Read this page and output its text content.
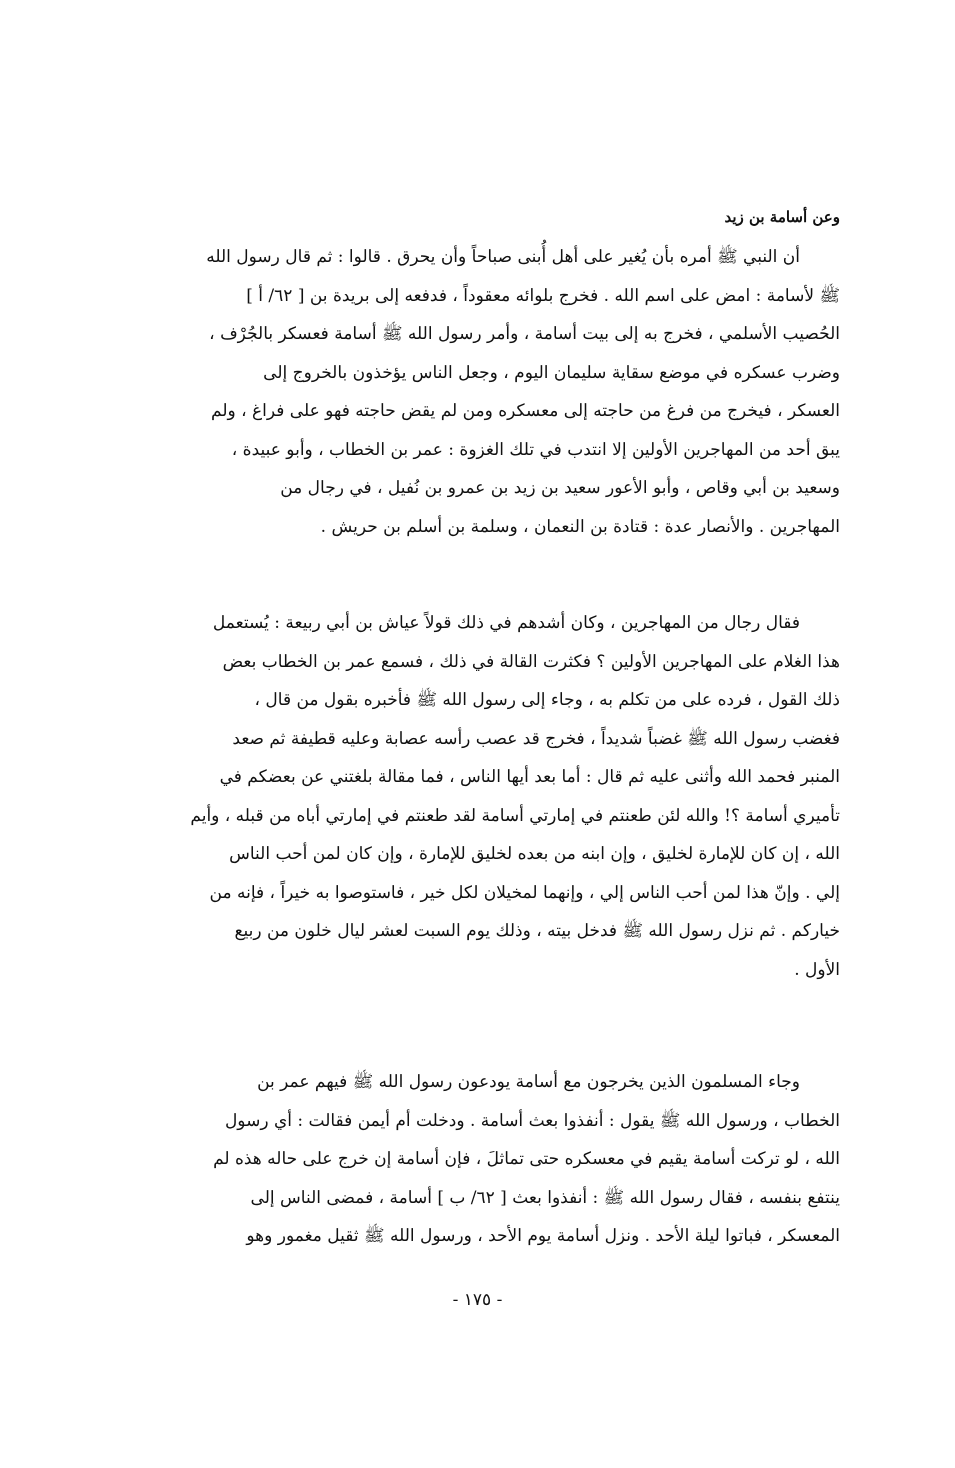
وعن أسامة بن زيد
أن النبي ﷺ أمره بأن يُغير على أهل أُبنى صباحاً وأن يحرق . قالوا : ثم قال رسول الله
ﷺ لأسامة : امض على اسم الله . فخرج بلوائه معقوداً ، فدفعه إلى بريدة بن [ ٦٢/ أ ]
الحُصيب الأسلمي ، فخرج به إلى بيت أسامة ، وأمر رسول الله ﷺ أسامة فعسكر بالجُرْف ،
وضرب عسكره في موضع سقاية سليمان اليوم ، وجعل الناس يؤخذون بالخروج إلى
العسكر ، فيخرج من فرغ من حاجته إلى معسكره ومن لم يقض حاجته فهو على فراغ ، ولم
يبق أحد من المهاجرين الأولين إلا انتدب في تلك الغزوة : عمر بن الخطاب ، وأبو عبيدة ،
وسعيد بن أبي وقاص ، وأبو الأعور سعيد بن زيد بن عمرو بن نُفيل ، في رجال من
المهاجرين . والأنصار عدة : قتادة بن النعمان ، وسلمة بن أسلم بن حريش .
فقال رجال من المهاجرين ، وكان أشدهم في ذلك قولاً عياش بن أبي ربيعة : يُستعمل
هذا الغلام على المهاجرين الأولين ؟ فكثرت القالة في ذلك ، فسمع عمر بن الخطاب بعض
ذلك القول ، فرده على من تكلم به ، وجاء إلى رسول الله ﷺ فأخبره بقول من قال ،
فغضب رسول الله ﷺ غضباً شديداً ، فخرج قد عصب رأسه عصابة وعليه قطيفة ثم صعد
المنبر فحمد الله وأثنى عليه ثم قال : أما بعد أيها الناس ، فما مقالة بلغتني عن بعضكم في
تأميري أسامة ؟! والله لئن طعنتم في إمارتي أسامة لقد طعنتم في إمارتي أباه من قبله ، وأيم
الله ، إن كان للإمارة لخليق ، وإن ابنه من بعده لخليق للإمارة ، وإن كان لمن أحب الناس
إلي . وإنّ هذا لمن أحب الناس إلي ، وإنهما لمخيلان لكل خير ، فاستوصوا به خيراً ، فإنه من
خياركم . ثم نزل رسول الله ﷺ فدخل بيته ، وذلك يوم السبت لعشر ليال خلون من ربيع
الأول .
وجاء المسلمون الذين يخرجون مع أسامة يودعون رسول الله ﷺ فيهم عمر بن
الخطاب ، ورسول الله ﷺ يقول : أنفذوا بعث أسامة . ودخلت أم أيمن فقالت : أي رسول
الله ، لو تركت أسامة يقيم في معسكره حتى تماثلَ ، فإن أسامة إن خرج على حاله هذه لم
ينتفع بنفسه ، فقال رسول الله ﷺ : أنفذوا بعث [ ٦٢/ ب ] أسامة ، فمضى الناس إلى
المعسكر ، فباتوا ليلة الأحد . ونزل أسامة يوم الأحد ، ورسول الله ﷺ ثقيل مغمور وهو
- ١٧٥ -
